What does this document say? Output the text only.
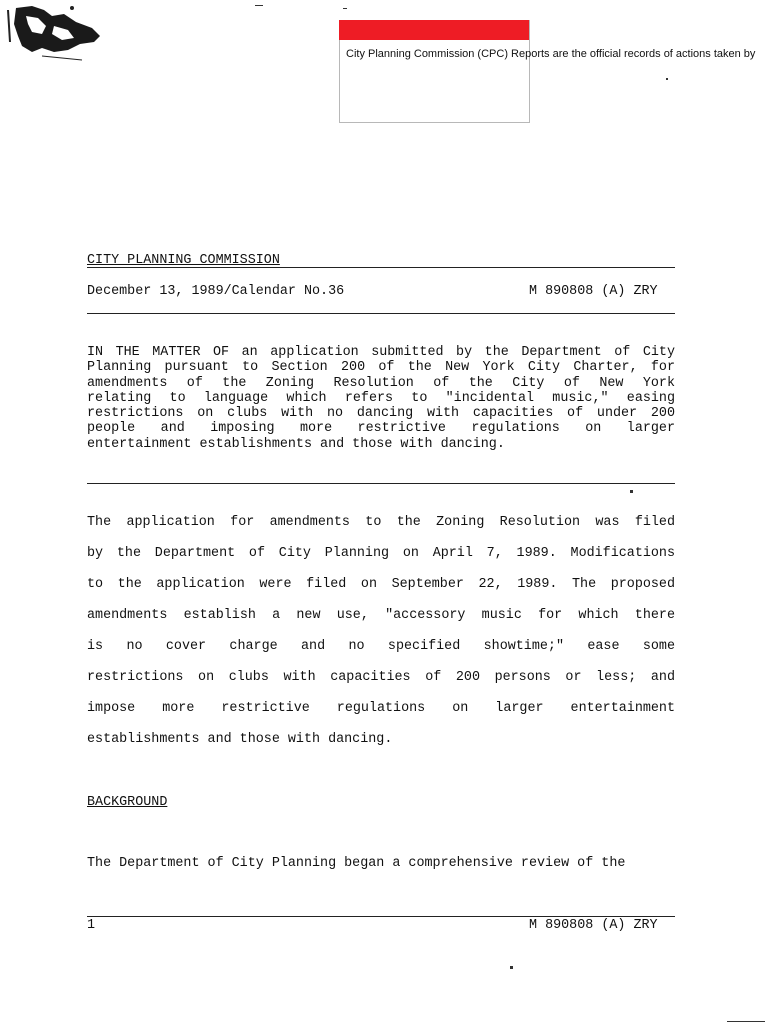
City Planning Commission (CPC) Reports are the official records of actions taken by
CITY PLANNING COMMISSION
December 13, 1989/Calendar No.36	M 890808 (A) ZRY
IN THE MATTER OF an application submitted by the Department of City
Planning pursuant to Section 200 of the New York City Charter, for
amendments of the Zoning Resolution of the City of New York
relating to language which refers to "incidental music," easing
restrictions on clubs with no dancing with capacities of under 200
people and imposing more restrictive regulations on larger
entertainment establishments and those with dancing.
The application for amendments to the Zoning Resolution was filed
by the Department of City Planning on April 7, 1989. Modifications
to the application were filed on September 22, 1989. The proposed
amendments establish a new use, "accessory music for which there
is no cover charge and no specified showtime;" ease some
restrictions on clubs with capacities of 200 persons or less; and
impose more restrictive regulations on larger entertainment
establishments and those with dancing.
BACKGROUND
The Department of City Planning began a comprehensive review of the
1	M 890808 (A) ZRY
